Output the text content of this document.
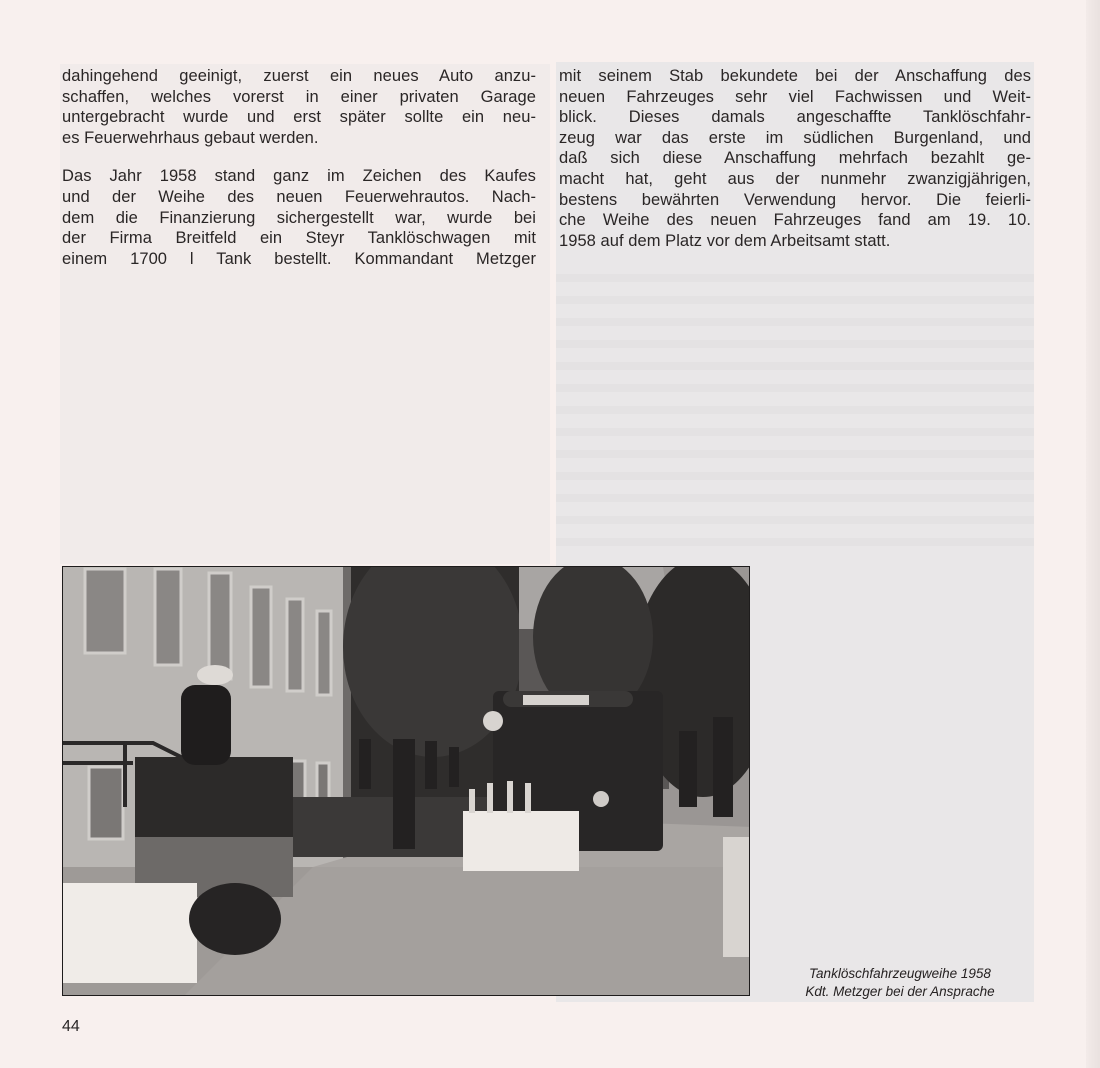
dahingehend geeinigt, zuerst ein neues Auto anzu-
schaffen, welches vorerst in einer privaten Garage
untergebracht wurde und erst später sollte ein neu-
es Feuerwehrhaus gebaut werden.
Das Jahr 1958 stand ganz im Zeichen des Kaufes
und der Weihe des neuen Feuerwehrautos. Nach-
dem die Finanzierung sichergestellt war, wurde bei
der Firma Breitfeld ein Steyr Tanklöschwagen mit
einem 1700 l Tank bestellt. Kommandant Metzger
mit seinem Stab bekundete bei der Anschaffung des
neuen Fahrzeuges sehr viel Fachwissen und Weit-
blick. Dieses damals angeschaffte Tanklöschfahr-
zeug war das erste im südlichen Burgenland, und
daß sich diese Anschaffung mehrfach bezahlt ge-
macht hat, geht aus der nunmehr zwanzigjährigen,
bestens bewährten Verwendung hervor. Die feierli-
che Weihe des neuen Fahrzeuges fand am 19. 10.
1958 auf dem Platz vor dem Arbeitsamt statt.
Tanklöschfahrzeugweihe 1958
Kdt. Metzger bei der Ansprache
44
